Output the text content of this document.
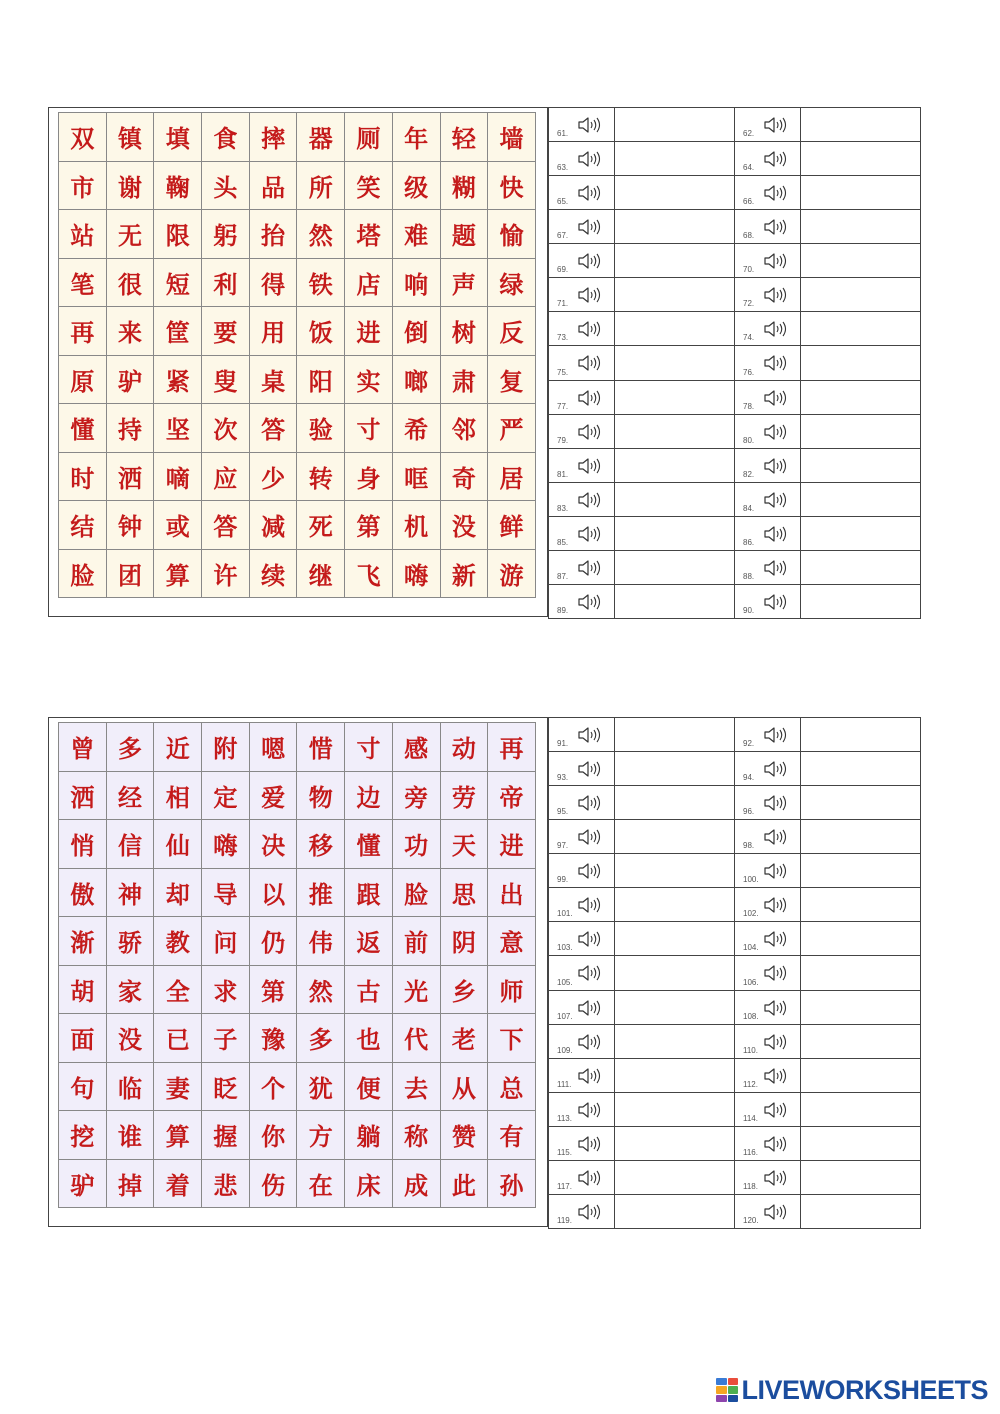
双 镇 填 食 摔 器 厕 年 轻 墙
市 谢 鞠 头 品 所 笑 级 糊 快
站 无 限 躬 抬 然 塔 难 题 愉
笔 很 短 利 得 铁 店 响 声 绿
再 来 筐 要 用 饭 进 倒 树 反
原 驴 紧 叟 桌 阳 实 啷 肃 复
懂 持 坚 次 答 验 寸 希 邻 严
时 洒 嘀 应 少 转 身 哐 奇 居
结 钟 或 答 减 死 第 机 没 鲜
脸 团 算 许 续 继 飞 嗨 新 游
61.		62.	

63.		64.	

65.		66.	

67.		68.	

69.		70.	

71.		72.	

73.		74.	

75.		76.	

77.		78.	

79.		80.	

81.		82.	

83.		84.	

85.		86.	

87.		88.	

89.		90.	

曾 多 近 附 嗯 惜 寸 感 动 再
洒 经 相 定 爱 物 边 旁 劳 帝
悄 信 仙 嗨 决 移 懂 功 天 进
傲 神 却 导 以 推 跟 脸 思 出
渐 骄 教 问 仍 伟 返 前 阴 意
胡 家 全 求 第 然 古 光 乡 师
面 没 已 子 豫 多 也 代 老 下
句 临 妻 眨 个 犹 便 去 从 总
挖 谁 算 握 你 方 躺 称 赞 有
驴 掉 着 悲 伤 在 床 成 此 孙
91.		92.	

93.		94.	

95.		96.	

97.		98.	

99.		100.	

101.		102.	

103.		104.	

105.		106.	

107.		108.	

109.		110.	

111.		112.	

113.		114.	

115.		116.	

117.		118.	

119.		120.	

LIVEWORKSHEETS
